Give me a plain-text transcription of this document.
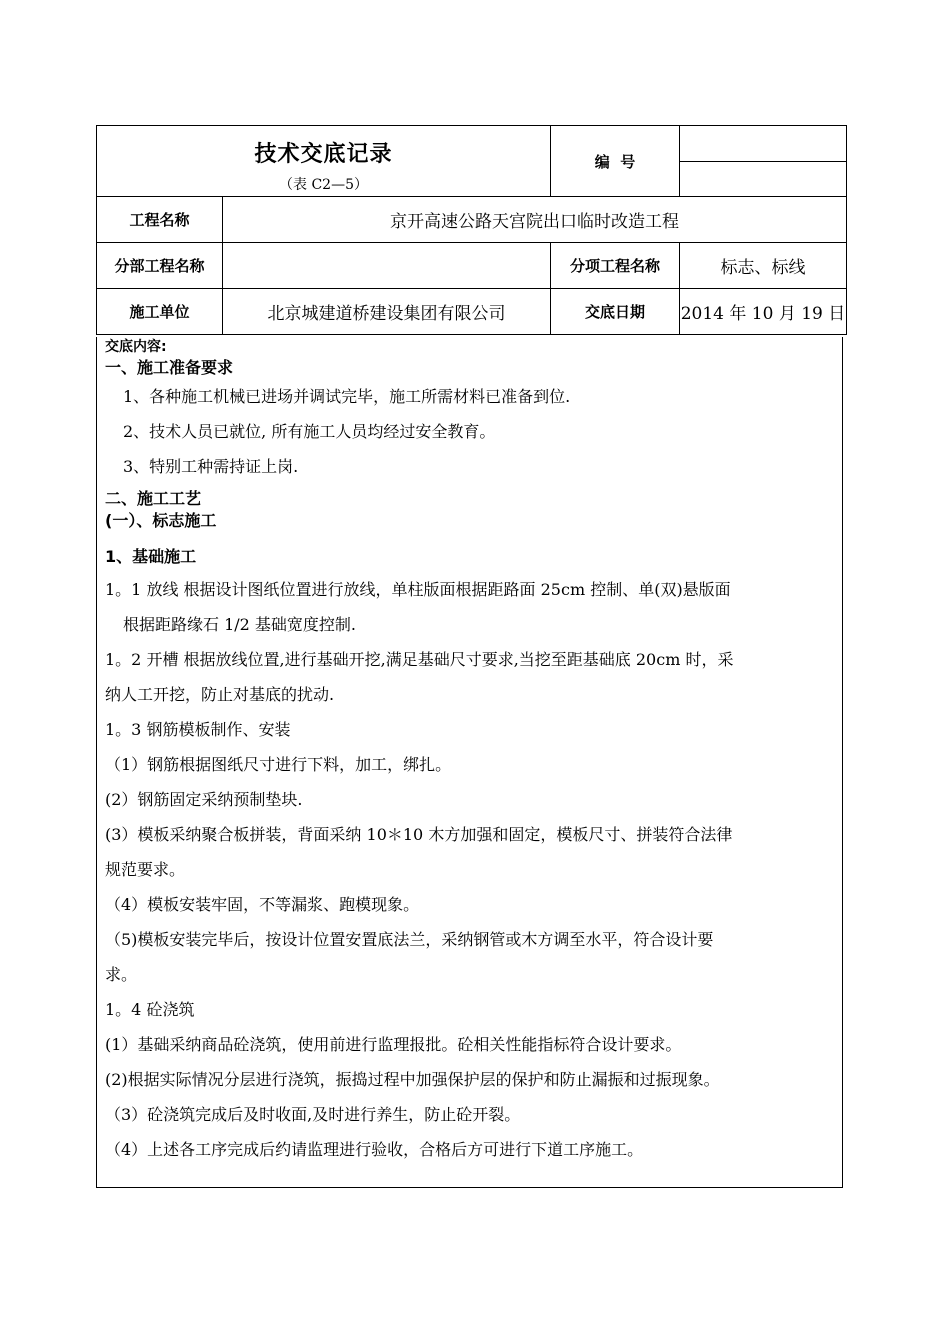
技术交底记录
（表 C2—5）		编  号	

工程名称	京开高速公路天宫院出口临时改造工程		
分部工程名称		分项工程名称	标志、标线
施工单位	北京城建道桥建设集团有限公司	交底日期	2014 年 10 月 19 日
交底内容:
一、施工准备要求
1、各种施工机械已进场并调试完毕，施工所需材料已准备到位.
2、技术人员已就位, 所有施工人员均经过安全教育。
3、特别工种需持证上岗.
二、施工工艺
(一）、标志施工
1、基础施工
1。1 放线 根据设计图纸位置进行放线，单柱版面根据距路面 25cm 控制、单(双)悬版面
根据距路缘石 1/2 基础宽度控制.
1。2 开槽 根据放线位置,进行基础开挖,满足基础尺寸要求,当挖至距基础底 20cm 时，采
纳人工开挖，防止对基底的扰动.
1。3 钢筋模板制作、安装
（1）钢筋根据图纸尺寸进行下料，加工，绑扎。
(2）钢筋固定采纳预制垫块.
(3）模板采纳聚合板拼装，背面采纳 10＊10 木方加强和固定，模板尺寸、拼装符合法律
规范要求。
（4）模板安装牢固，不等漏浆、跑模现象。
（5)模板安装完毕后，按设计位置安置底法兰，采纳钢管或木方调至水平，符合设计要
求。
1。4 砼浇筑
(1）基础采纳商品砼浇筑，使用前进行监理报批。砼相关性能指标符合设计要求。
(2)根据实际情况分层进行浇筑，振捣过程中加强保护层的保护和防止漏振和过振现象。
（3）砼浇筑完成后及时收面,及时进行养生，防止砼开裂。
（4）上述各工序完成后约请监理进行验收，合格后方可进行下道工序施工。
